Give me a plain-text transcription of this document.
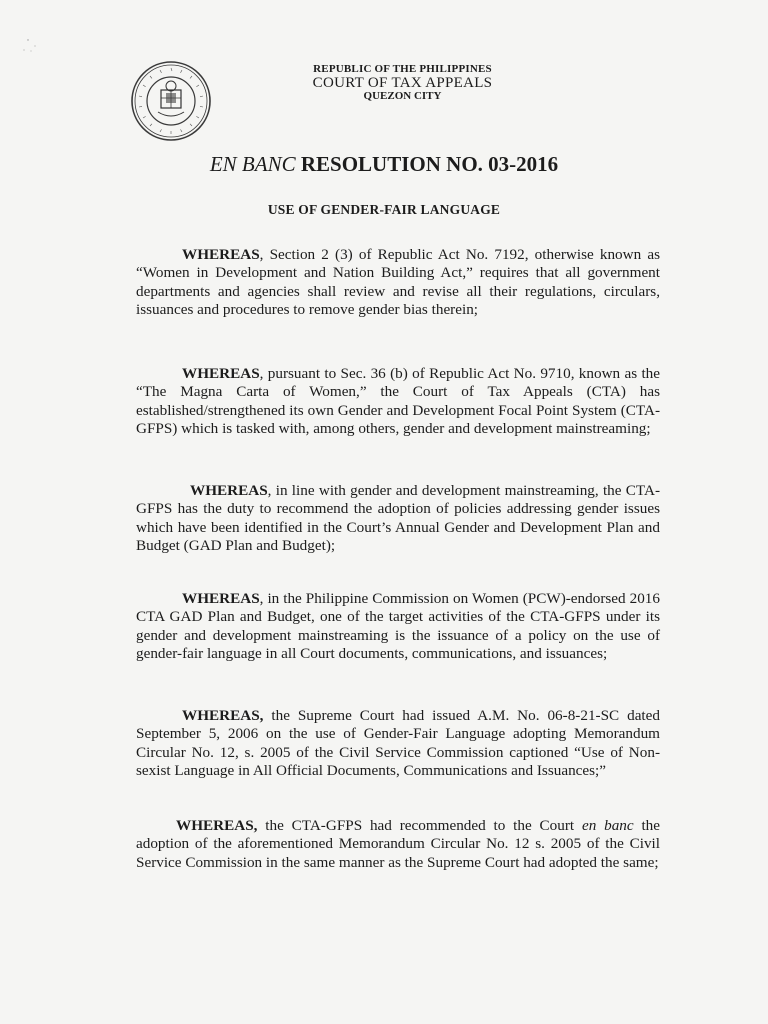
REPUBLIC OF THE PHILIPPINES
COURT OF TAX APPEALS
QUEZON CITY
EN BANC RESOLUTION NO. 03-2016
USE OF GENDER-FAIR LANGUAGE
WHEREAS, Section 2 (3) of Republic Act No. 7192, otherwise known as “Women in Development and Nation Building Act,” requires that all government departments and agencies shall review and revise all their regulations, circulars, issuances and procedures to remove gender bias therein;
WHEREAS, pursuant to Sec. 36 (b) of Republic Act No. 9710, known as the “The Magna Carta of Women,” the Court of Tax Appeals (CTA) has established/strengthened its own Gender and Development Focal Point System (CTA-GFPS) which is tasked with, among others, gender and development mainstreaming;
WHEREAS, in line with gender and development mainstreaming, the CTA-GFPS has the duty to recommend the adoption of policies addressing gender issues which have been identified in the Court’s Annual Gender and Development Plan and Budget (GAD Plan and Budget);
WHEREAS, in the Philippine Commission on Women (PCW)-endorsed 2016 CTA GAD Plan and Budget, one of the target activities of the CTA-GFPS under its gender and development mainstreaming is the issuance of a policy on the use of gender-fair language in all Court documents, communications, and issuances;
WHEREAS, the Supreme Court had issued A.M. No. 06-8-21-SC dated September 5, 2006 on the use of Gender-Fair Language adopting Memorandum Circular No. 12, s. 2005 of the Civil Service Commission captioned “Use of Non-sexist Language in All Official Documents, Communications and Issuances;”
WHEREAS, the CTA-GFPS had recommended to the Court en banc the adoption of the aforementioned Memorandum Circular No. 12 s. 2005 of the Civil Service Commission in the same manner as the Supreme Court had adopted the same;
